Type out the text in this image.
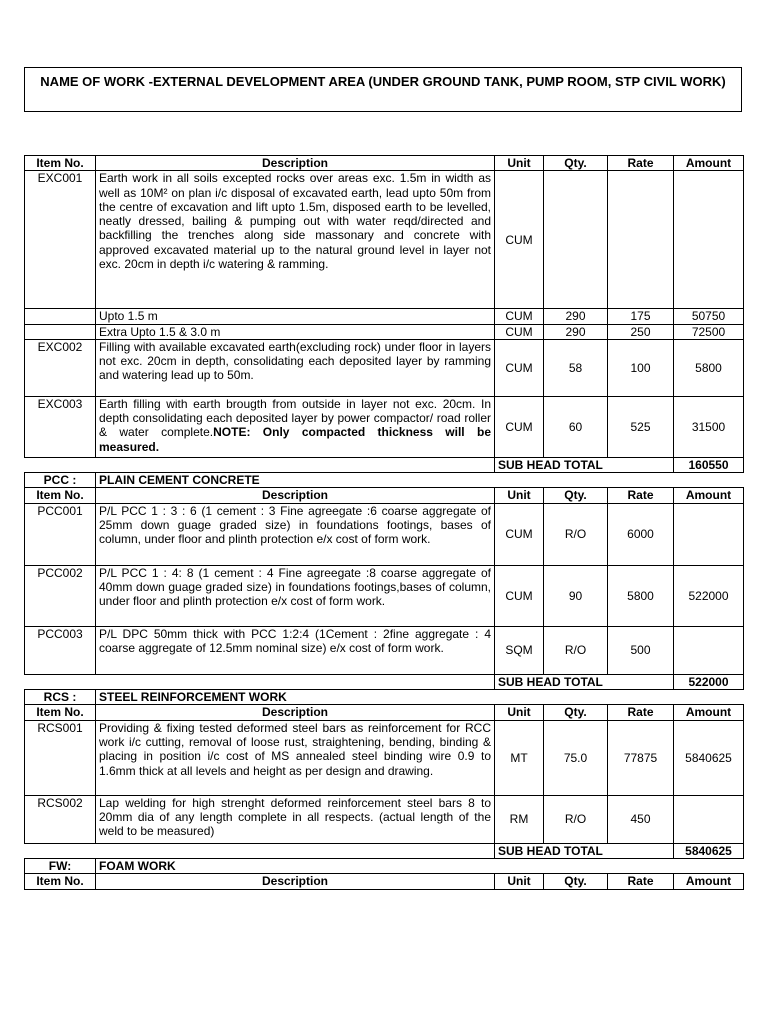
NAME OF WORK -EXTERNAL DEVELOPMENT AREA (UNDER GROUND TANK, PUMP ROOM, STP CIVIL WORK)
Item No.	Description	Unit	Qty.	Rate	Amount
EXC001	Earth work in all soils excepted rocks over areas exc. 1.5m in width as well as 10M² on plan i/c disposal of excavated earth, lead upto 50m from the centre of excavation and lift upto 1.5m, disposed earth to be levelled, neatly dressed, bailing & pumping out with water reqd/directed and backfilling the trenches along side massonary and concrete with approved excavated material up to the natural ground level in layer not exc. 20cm in depth i/c watering & ramming.	CUM			
	Upto 1.5 m	CUM	290	175	50750
	Extra Upto 1.5 & 3.0 m	CUM	290	250	72500
EXC002	Filling with available excavated earth(excluding rock) under floor in layers not exc. 20cm in depth, consolidating each deposited layer by ramming and watering lead up to 50m.	CUM	58	100	5800
EXC003	Earth filling with earth brougth from outside in layer not exc. 20cm. In depth consolidating each deposited layer by power compactor/ road roller & water complete.NOTE: Only compacted thickness will be measured.	CUM	60	525	31500
		SUB HEAD TOTAL			160550
PCC :	PLAIN CEMENT CONCRETE				
Item No.	Description	Unit	Qty.	Rate	Amount
PCC001	P/L PCC 1 : 3 : 6 (1 cement : 3 Fine agreegate :6 coarse aggregate of 25mm down guage graded size) in foundations footings, bases of column, under floor and plinth protection e/x cost of form work.	CUM	R/O	6000	
PCC002	P/L PCC 1 : 4: 8 (1 cement : 4 Fine agreegate :8 coarse aggregate of 40mm down guage graded size) in foundations footings,bases of column, under floor and plinth protection e/x cost of form work.	CUM	90	5800	522000
PCC003	P/L DPC 50mm thick with PCC 1:2:4 (1Cement : 2fine aggregate : 4 coarse aggregate of 12.5mm nominal size) e/x cost of form work.	SQM	R/O	500	
		SUB HEAD TOTAL			522000
RCS :	STEEL REINFORCEMENT WORK				
Item No.	Description	Unit	Qty.	Rate	Amount
RCS001	Providing & fixing tested deformed steel bars as reinforcement for RCC work i/c cutting, removal of loose rust, straightening, bending, binding & placing in position i/c cost of MS annealed steel binding wire 0.9 to 1.6mm thick at all levels and height as per design and drawing.	MT	75.0	77875	5840625
RCS002	Lap welding for high strenght deformed reinforcement steel bars 8 to 20mm dia of any length complete in all respects. (actual length of the weld to be measured)	RM	R/O	450	
		SUB HEAD TOTAL			5840625
FW:	FOAM WORK				
Item No.	Description	Unit	Qty.	Rate	Amount
